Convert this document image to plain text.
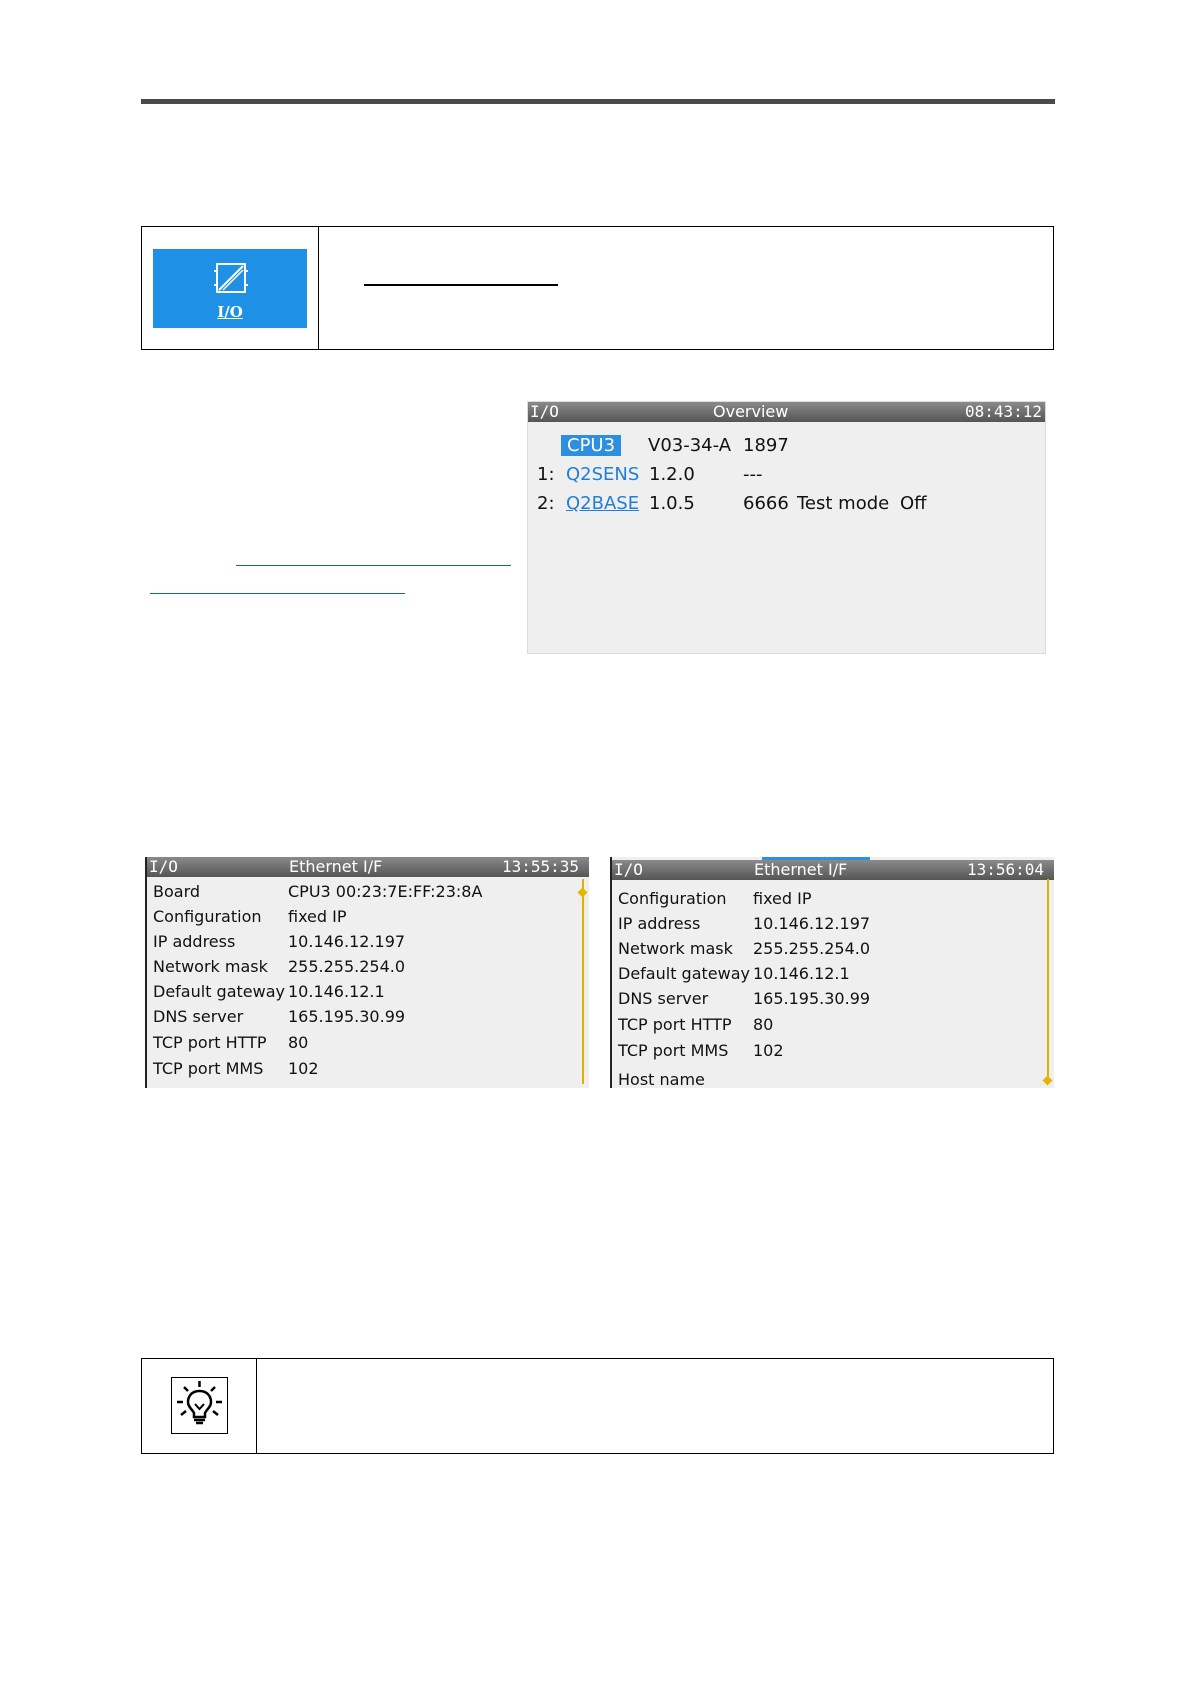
I/O
I/O	Overview	08:43:12
CPU3	V03-34-A 1897
1: Q2SENS 1.2.0	---
2: Q2BASE 1.0.5	6666 Test mode Off
I/O	Ethernet I/F	13:55:35
Board	CPU3 00:23:7E:FF:23:8A
Configuration fixed IP
IP address	10.146.12.197
Network mask 255.255.254.0
Default gateway 10.146.12.1
DNS server	165.195.30.99
TCP port HTTP 80
TCP port MMS 102
I/O	Ethernet I/F	13:56:04
Configuration fixed IP
IP address	10.146.12.197
Network mask 255.255.254.0
Default gateway 10.146.12.1
DNS server	165.195.30.99
TCP port HTTP 80
TCP port MMS 102
Host name
